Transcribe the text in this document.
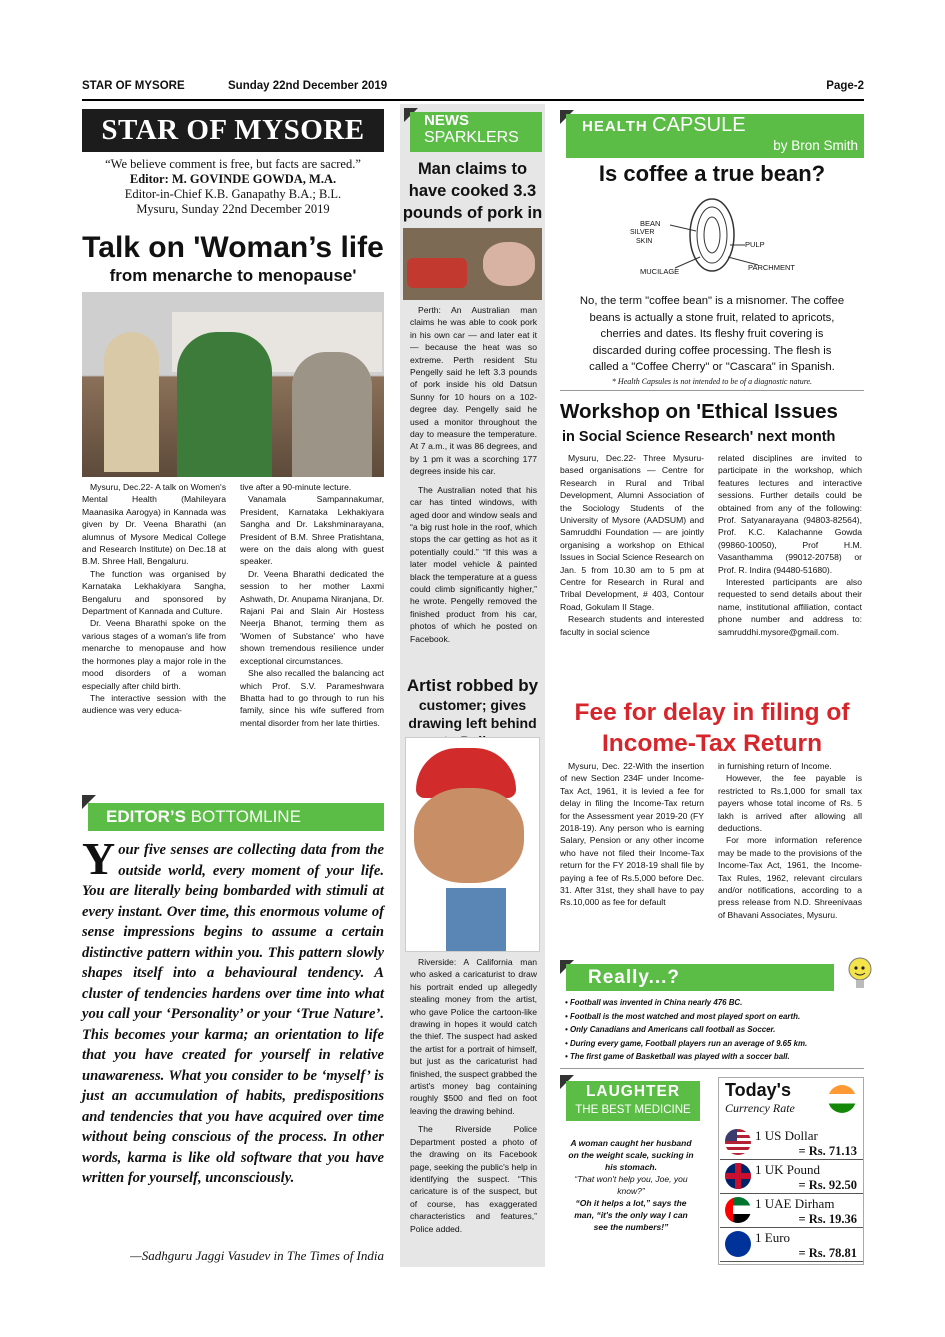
STAR OF MYSORE	Sunday 22nd December 2019	Page-2
STAR OF MYSORE
“We believe comment is free, but facts are sacred.”
Editor: M. GOVINDE GOWDA, M.A.
Editor-in-Chief K.B. Ganapathy B.A.; B.L.
Mysuru, Sunday 22nd December 2019
Talk on 'Woman’s life
from menarche to menopause'

Mysuru, Dec.22- A talk on Women's Mental Health (Mahileyara Maanasika Aarogya) in Kannada was given by Dr. Veena Bharathi (an alumnus of Mysore Medical College and Research Institute) on Dec.18 at B.M. Shree Hall, Bengaluru.

The function was organised by Karnataka Lekhakiyara Sangha, Bengaluru and sponsored by Department of Kannada and Culture.

Dr. Veena Bharathi spoke on the various stages of a woman's life from menarche to menopause and how the hormones play a major role in the mood disorders of a woman especially after child birth.

The interactive session with the audience was very educa-

tive after a 90-minute lecture.

Vanamala Sampannakumar, President, Karnataka Lekhakiyara Sangha and Dr. Lakshminarayana, President of B.M. Shree Pratishtana, were on the dais along with guest speaker.

Dr. Veena Bharathi dedicated the session to her mother Laxmi Ashwath, Dr. Anupama Niranjana, Dr. Rajani Pai and Slain Air Hostess Neerja Bhanot, terming them as 'Women of Substance' who have shown tremendous resilience under exceptional circumstances.

She also recalled the balancing act which Prof. S.V. Parameshwara Bhatta had to go through to run his family, since his wife suffered from mental disorder from her late thirties.

EDITOR’S BOTTOMLINE
Your five senses are collecting data from the outside world, every moment of your life. You are literally being bombarded with stimuli at every instant. Over time, this enormous volume of sense impressions begins to assume a certain distinctive pattern within you. This pattern slowly shapes itself into a behavioural tendency. A cluster of tendencies hardens over time into what you call your ‘Personality’ or your ‘True Nature’. This becomes your karma; an orientation to life that you have created for yourself in relative unawareness. What you consider to be ‘myself’ is just an accumulation of habits, predispositions and tendencies that you have acquired over time without being conscious of the process. In other words, karma is like old software that you have written for yourself, unconsciously.
—Sadhguru Jaggi Vasudev in The Times of India
NEWS
SPARKLERS
Man claims to have cooked 3.3 pounds of pork in

Perth: An Australian man claims he was able to cook pork in his own car — and later eat it — because the heat was so extreme. Perth resident Stu Pengelly said he left 3.3 pounds of pork inside his old Datsun Sunny for 10 hours on a 102-degree day. Pengelly said he used a monitor throughout the day to measure the temperature. At 7 a.m., it was 86 degrees, and by 1 pm it was a scorching 177 degrees inside his car.

The Australian noted that his car has tinted windows, with aged door and window seals and “a big rust hole in the roof, which stops the car getting as hot as it potentially could.” “If this was a later model vehicle & painted black the temperature at a guess could climb significantly higher,” he wrote. Pengelly removed the finished product from his car, photos of which he posted on Facebook.

Artist robbed by
customer; gives drawing left behind

Riverside: A California man who asked a caricaturist to draw his portrait ended up allegedly stealing money from the artist, who gave Police the cartoon-like drawing in hopes it would catch the thief. The suspect had asked the artist for a portrait of himself, but just as the caricaturist had finished, the suspect grabbed the artist's money bag containing roughly $500 and fled on foot leaving the drawing behind.

The Riverside Police Department posted a photo of the drawing on its Facebook page, seeking the public's help in identifying the suspect. “This caricature is of the suspect, but of course, has exaggerated characteristics and features,” Police added.

HEALTH CAPSULE
by Bron Smith
Is coffee a true bean?
BEAN
SILVER
SKIN	PULP
MUCILAGE	PARCHMENT
No, the term "coffee bean" is a misnomer. The coffee beans is actually a stone fruit, related to apricots, cherries and dates. Its fleshy fruit covering is discarded during coffee processing. The flesh is called a "Coffee Cherry" or "Cascara" in Spanish.
* Health Capsules is not intended to be of a diagnostic nature.
Workshop on 'Ethical Issues
in Social Science Research' next month

Mysuru, Dec.22- Three Mysuru-based organisations — Centre for Research in Rural and Tribal Development, Alumni Association of the Sociology Students of the University of Mysore (AADSUM) and Samruddhi Foundation — are jointly organising a workshop on Ethical Issues in Social Science Research on Jan. 5 from 10.30 am to 5 pm at Centre for Research in Rural and Tribal Development, # 403, Contour Road, Gokulam II Stage.

Research students and interested faculty in social science

related disciplines are invited to participate in the workshop, which features lectures and interactive sessions. Further details could be obtained from any of the following: Prof. Satyanarayana (94803-82564), Prof. K.C. Kalachanne Gowda (99860-10050), Prof H.M. Vasanthamma (99012-20758) or Prof. R. Indira (94480-51680).

Interested participants are also requested to send details about their name, institutional affiliation, contact phone number and address to: samruddhi.mysore@gmail.com.

Fee for delay in filing of
Income-Tax Return

Mysuru, Dec. 22-With the insertion of new Section 234F under Income-Tax Act, 1961, it is levied a fee for delay in filing the Income-Tax return for the Assessment year 2019-20 (FY 2018-19). Any person who is earning Salary, Pension or any other income who have not filed their Income-Tax return for the FY 2018-19 shall file by paying a fee of Rs.5,000 before Dec. 31. After 31st, they shall have to pay Rs.10,000 as fee for default

in furnishing return of Income.

However, the fee payable is restricted to Rs.1,000 for small tax payers whose total income of Rs. 5 lakh is arrived after allowing all deductions.

For more information reference may be made to the provisions of the Income-Tax Act, 1961, the Income-Tax Rules, 1962, relevant circulars and/or notifications, according to a press release from N.D. Shreenivaas of Bhavani Associates, Mysuru.

Really...?
• Football was invented in China nearly 476 BC.
• Football is the most watched and most played sport on earth.
• Only Canadians and Americans call football as Soccer.
• During every game, Football players run an average of 9.65 km.
• The first game of Basketball was played with a soccer ball.
LAUGHTER
THE BEST MEDICINE
A woman caught her husband on the weight scale, sucking in his stomach.
“That won't help you, Joe, you know?”
“Oh it helps a lot,” says the man, “it's the only way I can see the numbers!”
Today's
Currency Rate
1 US Dollar
= Rs. 71.13
1 UK Pound
= Rs. 92.50
1 UAE Dirham
= Rs. 19.36
1 Euro
= Rs. 78.81
